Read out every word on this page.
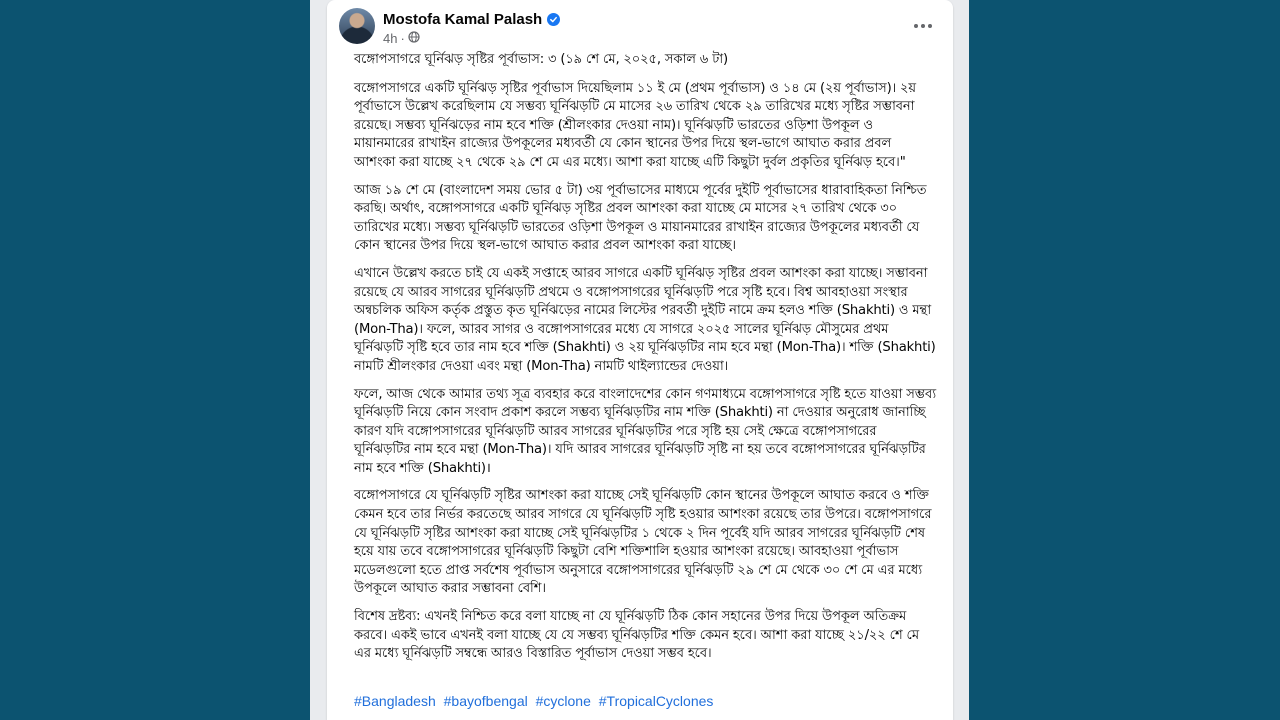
Mostofa Kamal Palash
4h ·

বঙ্গোপসাগরে ঘূর্নিঝড় সৃষ্টির পূর্বাভাস: ৩ (১৯ শে মে, ২০২৫, সকাল ৬ টা)

বঙ্গোপসাগরে একটি ঘূর্নিঝড় সৃষ্টির পূর্বাভাস দিয়েছিলাম ১১ ই মে (প্রথম পূর্বাভাস) ও ১৪ মে (২য় পূর্বাভাস)। ২য় পূর্বাভাসে উল্লেখ করেছিলাম যে সম্ভব্য ঘূর্নিঝড়টি মে মাসের ২৬ তারিখ থেকে ২৯ তারিখের মধ্যে সৃষ্টির সম্ভাবনা রয়েছে। সম্ভব্য ঘূর্নিঝড়ের নাম হবে শক্তি (শ্রীলংকার দেওয়া নাম)। ঘূর্নিঝড়টি ভারতের ওড়িশা উপকূল ও মায়ানমারের রাখাইন রাজ্যের উপকূলের মধ্যবর্তী যে কোন স্থানের উপর দিয়ে স্থল-ভাগে আঘাত করার প্রবল আশংকা করা যাচ্ছে ২৭ থেকে ২৯ শে মে এর মধ্যে। আশা করা যাচ্ছে এটি কিছুটা দুর্বল প্রকৃতির ঘূর্নিঝড় হবে।"

আজ ১৯ শে মে (বাংলাদেশ সময় ভোর ৫ টা) ৩য় পূর্বাভাসের মাধ্যমে পূর্বের দুইটি পূর্বাভাসের ধারাবাহিকতা নিশ্চিত করছি। অর্থাৎ, বঙ্গোপসাগরে একটি ঘূর্নিঝড় সৃষ্টির প্রবল আশংকা করা যাচ্ছে মে মাসের ২৭ তারিখ থেকে ৩০ তারিখের মধ্যে। সম্ভব্য ঘূর্নিঝড়টি ভারতের ওড়িশা উপকূল ও মায়ানমারের রাখাইন রাজ্যের উপকূলের মধ্যবর্তী যে কোন স্থানের উপর দিয়ে স্থল-ভাগে আঘাত করার প্রবল আশংকা করা যাচ্ছে।

এখানে উল্লেখ করতে চাই যে একই সপ্তাহে আরব সাগরে একটি ঘূর্নিঝড় সৃষ্টির প্রবল আশংকা করা যাচ্ছে। সম্ভাবনা রয়েছে যে আরব সাগরের ঘূর্নিঝড়টি প্রথমে ও বঙ্গোপসাগরের ঘূর্নিঝড়টি পরে সৃষ্টি হবে। বিশ্ব আবহাওয়া সংস্থার অন্বচলিক অফিস কর্তৃক প্রস্তুত কৃত ঘূর্নিঝড়ের নামের লিস্টের পরবর্তী দুইটি নামে ক্রম হলও শক্তি (Shakhti) ও মন্থা (Mon-Tha)। ফলে, আরব সাগর ও বঙ্গোপসাগরের মধ্যে যে সাগরে ২০২৫ সালের ঘূর্নিঝড় মৌসুমের প্রথম ঘূর্নিঝড়টি সৃষ্টি হবে তার নাম হবে শক্তি (Shakhti) ও ২য় ঘূর্নিঝড়টির নাম হবে মন্থা (Mon-Tha)। শক্তি (Shakhti) নামটি শ্রীলংকার দেওয়া এবং মন্থা (Mon-Tha) নামটি থাইল্যান্ডের দেওয়া।

ফলে, আজ থেকে আমার তথ্য সূত্র ব্যবহার করে বাংলাদেশের কোন গণমাধ্যমে বঙ্গোপসাগরে সৃষ্টি হতে যাওয়া সম্ভব্য ঘূর্নিঝড়টি নিয়ে কোন সংবাদ প্রকাশ করলে সম্ভব্য ঘূর্নিঝড়টির নাম শক্তি (Shakhti) না দেওয়ার অনুরোধ জানাচ্ছি কারণ যদি বঙ্গোপসাগরের ঘূর্নিঝড়টি আরব সাগরের ঘূর্নিঝড়টির পরে সৃষ্টি হয় সেই ক্ষেত্রে বঙ্গোপসাগরের ঘূর্নিঝড়টির নাম হবে মন্থা (Mon-Tha)। যদি আরব সাগরের ঘূর্নিঝড়টি সৃষ্টি না হয় তবে বঙ্গোপসাগরের ঘূর্নিঝড়টির নাম হবে শক্তি (Shakhti)।

বঙ্গোপসাগরে যে ঘূর্নিঝড়টি সৃষ্টির আশংকা করা যাচ্ছে সেই ঘূর্নিঝড়টি কোন স্থানের উপকূলে আঘাত করবে ও শক্তি কেমন হবে তার নির্ভর করতেছে আরব সাগরে যে ঘূর্নিঝড়টি সৃষ্টি হওয়ার আশংকা রয়েছে তার উপরে। বঙ্গোপসাগরে যে ঘূর্নিঝড়টি সৃষ্টির আশংকা করা যাচ্ছে সেই ঘূর্নিঝড়টির ১ থেকে ২ দিন পূর্বেই যদি আরব সাগরের ঘূর্নিঝড়টি শেষ হয়ে যায় তবে বঙ্গোপসাগরের ঘূর্নিঝড়টি কিছুটা বেশি শক্তিশালি হওয়ার আশংকা রয়েছে। আবহাওয়া পূর্বাভাস মডেলগুলো হতে প্রাপ্ত সর্বশেষ পূর্বাভাস অনুসারে বঙ্গোপসাগরের ঘূর্নিঝড়টি ২৯ শে মে থেকে ৩০ শে মে এর মধ্যে উপকূলে আঘাত করার সম্ভাবনা বেশি।

বিশেষ দ্রষ্টব্য: এখনই নিশ্চিত করে বলা যাচ্ছে না যে ঘূর্নিঝড়টি ঠিক কোন সহানের উপর দিয়ে উপকূল অতিক্রম করবে। একই ভাবে এখনই বলা যাচ্ছে যে যে সম্ভব্য ঘূর্নিঝড়টির শক্তি কেমন হবে। আশা করা যাচ্ছে ২১/২২ শে মে এর মধ্যে ঘূর্নিঝড়টি সম্বন্ধে আরও বিস্তারিত পূর্বাভাস দেওয়া সম্ভব হবে।

#Bangladesh #bayofbengal #cyclone #TropicalCyclones
